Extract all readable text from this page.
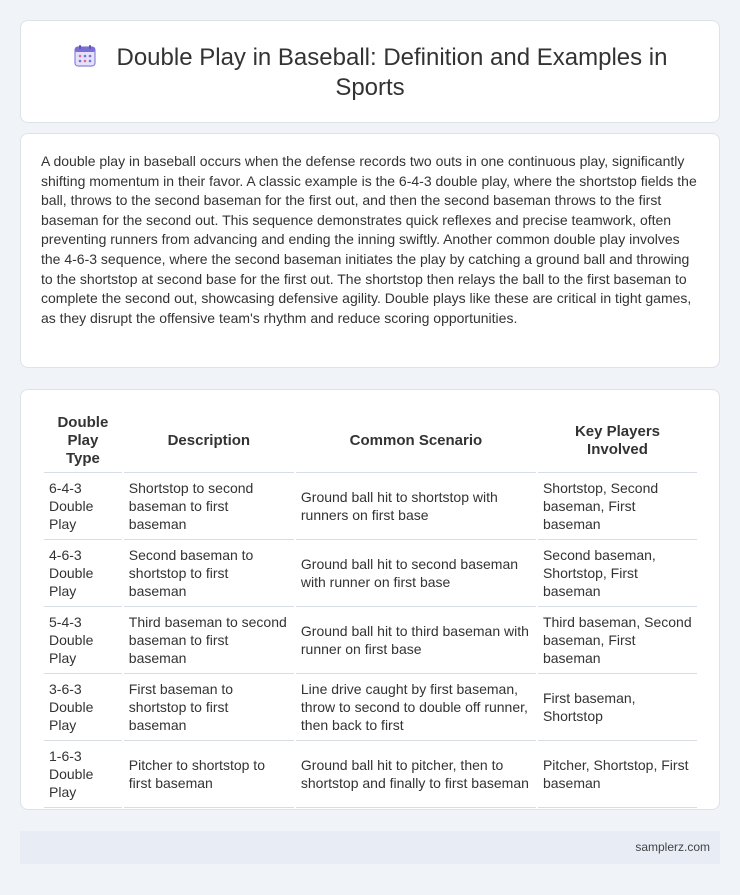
Double Play in Baseball: Definition and Examples in Sports

A double play in baseball occurs when the defense records two outs in one continuous play, significantly shifting momentum in their favor. A classic example is the 6-4-3 double play, where the shortstop fields the ball, throws to the second baseman for the first out, and then the second baseman throws to the first baseman for the second out. This sequence demonstrates quick reflexes and precise teamwork, often preventing runners from advancing and ending the inning swiftly. Another common double play involves the 4-6-3 sequence, where the second baseman initiates the play by catching a ground ball and throwing to the shortstop at second base for the first out. The shortstop then relays the ball to the first baseman to complete the second out, showcasing defensive agility. Double plays like these are critical in tight games, as they disrupt the offensive team's rhythm and reduce scoring opportunities.

Double Play Type	Description	Common Scenario	Key Players Involved
6-4-3 Double Play	Shortstop to second baseman to first baseman	Ground ball hit to shortstop with runners on first base	Shortstop, Second baseman, First baseman
4-6-3 Double Play	Second baseman to shortstop to first baseman	Ground ball hit to second baseman with runner on first base	Second baseman, Shortstop, First baseman
5-4-3 Double Play	Third baseman to second baseman to first baseman	Ground ball hit to third baseman with runner on first base	Third baseman, Second baseman, First baseman
3-6-3 Double Play	First baseman to shortstop to first baseman	Line drive caught by first baseman, throw to second to double off runner, then back to first	First baseman, Shortstop
1-6-3 Double Play	Pitcher to shortstop to first baseman	Ground ball hit to pitcher, then to shortstop and finally to first baseman	Pitcher, Shortstop, First baseman
samplerz.com
